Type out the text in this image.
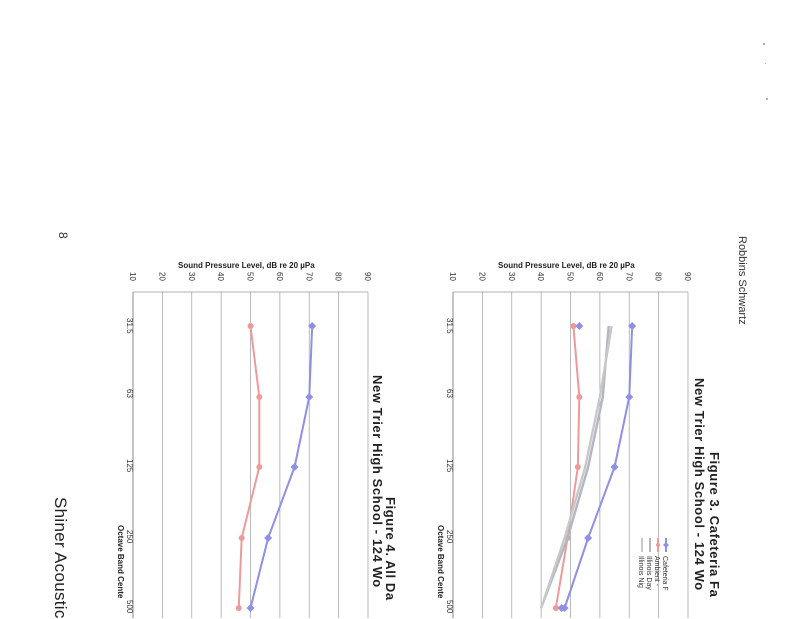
Robbins Schwartz
8
Shiner Acoustic	Figure 3. Cafeteria Fa
New Trier High School - 124 Wo
Figure 4. All Da
New Trier High School - 124 Wo
10	20	30	40	50	60	70	80	90
31.5
63
125
250
500
Sound Pressure Level, dB re 20 µPa
Octave Band Cente	Cafeteria F
Ambient -
Illinois Day
Illinois Nig
10	20	30	40	50	60	70	80	90
31.5
63
125
250
500
Sound Pressure Level, dB re 20 µPa
Octave Band Cente
